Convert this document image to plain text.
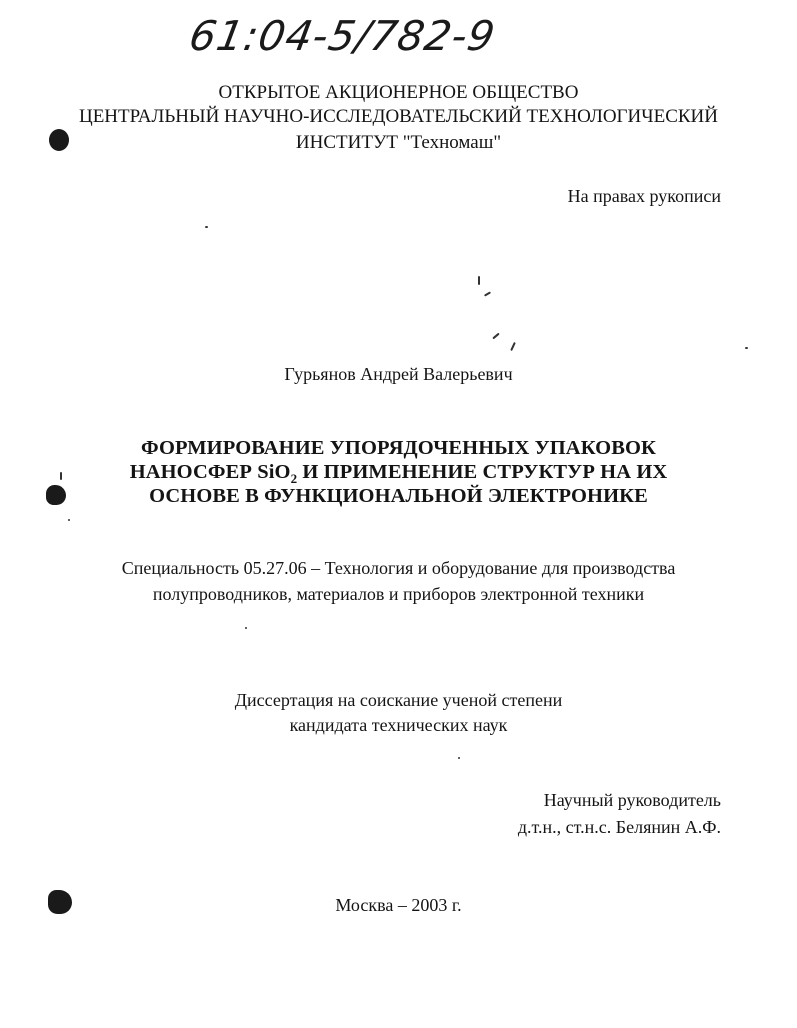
61:04-5/782-9
ОТКРЫТОЕ АКЦИОНЕРНОЕ ОБЩЕСТВО
ЦЕНТРАЛЬНЫЙ НАУЧНО-ИССЛЕДОВАТЕЛЬСКИЙ ТЕХНОЛОГИЧЕСКИЙ
ИНСТИТУТ "Техномаш"
На правах рукописи
Гурьянов Андрей Валерьевич
ФОРМИРОВАНИЕ УПОРЯДОЧЕННЫХ УПАКОВОК
НАНОСФЕР SiO$_2$ И ПРИМЕНЕНИЕ СТРУКТУР НА ИХ
ОСНОВЕ В ФУНКЦИОНАЛЬНОЙ ЭЛЕКТРОНИКЕ
Специальность 05.27.06 – Технология и оборудование для производства
полупроводников, материалов и приборов электронной техники
Диссертация на соискание ученой степени
кандидата технических наук
Научный руководитель
д.т.н., ст.н.с. Белянин А.Ф.
Москва – 2003 г.
